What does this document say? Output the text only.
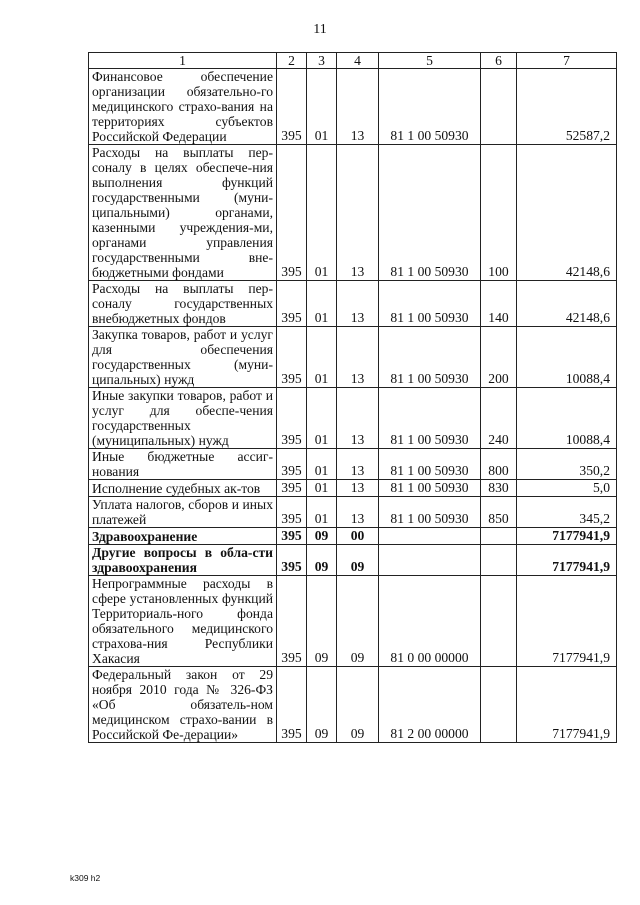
11
1	2	3	4	5	6	7
Финансовое обеспечение организации обязательно-го медицинского страхо-вания на территориях субъектов Российской Федерации	395	01	13	81 1 00 50930		52587,2
Расходы на выплаты пер-соналу в целях обеспече-ния выполнения функций государственными (муни-ципальными) органами, казенными учреждения-ми, органами управления государственными вне-бюджетными фондами	395	01	13	81 1 00 50930	100	42148,6
Расходы на выплаты пер-соналу государственных внебюджетных фондов	395	01	13	81 1 00 50930	140	42148,6
Закупка товаров, работ и услуг для обеспечения государственных (муни-ципальных) нужд	395	01	13	81 1 00 50930	200	10088,4
Иные закупки товаров, работ и услуг для обеспе-чения государственных (муниципальных) нужд	395	01	13	81 1 00 50930	240	10088,4
Иные бюджетные ассиг-нования	395	01	13	81 1 00 50930	800	350,2
Исполнение судебных ак-тов	395	01	13	81 1 00 50930	830	5,0
Уплата налогов, сборов и иных платежей	395	01	13	81 1 00 50930	850	345,2
Здравоохранение	395	09	00			7177941,9
Другие вопросы в обла-сти здравоохранения	395	09	09			7177941,9
Непрограммные расходы в сфере установленных функций Территориаль-ного фонда обязательного медицинского страхова-ния Республики Хакасия	395	09	09	81 0 00 00000		7177941,9
Федеральный закон от 29 ноября 2010 года № 326-ФЗ «Об обязатель-ном медицинском страхо-вании в Российской Фе-дерации»	395	09	09	81 2 00 00000		7177941,9
k309 h2
